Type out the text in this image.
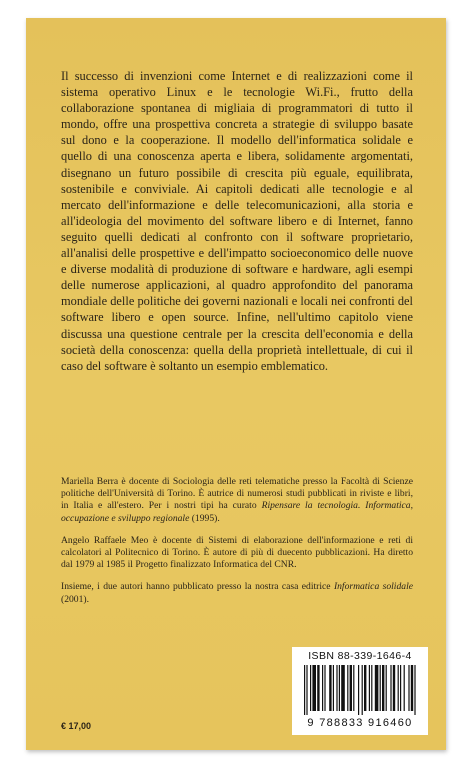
Il successo di invenzioni come Internet e di realizzazioni come il sistema operativo Linux e le tecnologie Wi.Fi., frutto della collaborazione spontanea di migliaia di programmatori di tutto il mondo, offre una prospettiva concreta a strategie di sviluppo basate sul dono e la cooperazione. Il modello dell'informatica solidale e quello di una conoscenza aperta e libera, solidamente argomentati, disegnano un futuro possibile di crescita più eguale, equilibrata, sostenibile e conviviale. Ai capitoli dedicati alle tecnologie e al mercato dell'informazione e delle telecomunicazioni, alla storia e all'ideologia del movimento del software libero e di Internet, fanno seguito quelli dedicati al confronto con il software proprietario, all'analisi delle prospettive e dell'impatto socioeconomico delle nuove e diverse modalità di produzione di software e hardware, agli esempi delle numerose applicazioni, al quadro approfondito del panorama mondiale delle politiche dei governi nazionali e locali nei confronti del software libero e open source. Infine, nell'ultimo capitolo viene discussa una questione centrale per la crescita dell'economia e della società della conoscenza: quella della proprietà intellettuale, di cui il caso del software è soltanto un esempio emblematico.

Mariella Berra è docente di Sociologia delle reti telematiche presso la Facoltà di Scienze politiche dell'Università di Torino. È autrice di numerosi studi pubblicati in riviste e libri, in Italia e all'estero. Per i nostri tipi ha curato Ripensare la tecnologia. Informatica, occupazione e sviluppo regionale (1995).

Angelo Raffaele Meo è docente di Sistemi di elaborazione dell'informazione e reti di calcolatori al Politecnico di Torino. È autore di più di duecento pubblicazioni. Ha diretto dal 1979 al 1985 il Progetto finalizzato Informatica del CNR.

Insieme, i due autori hanno pubblicato presso la nostra casa editrice Informatica solidale (2001).

ISBN 88-339-1646-4
9 788833 916460
€ 17,00
